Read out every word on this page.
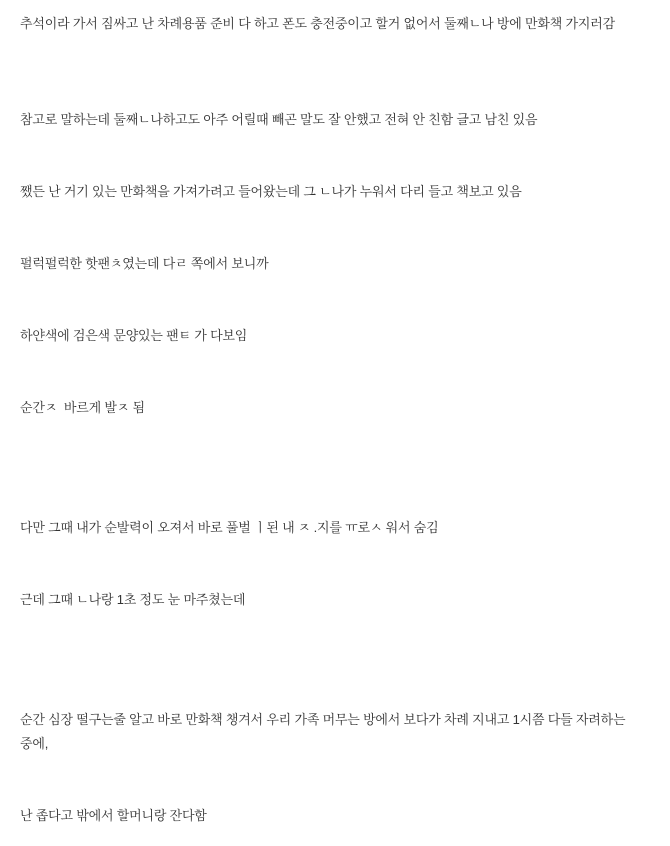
추석이라 가서 짐싸고 난 차례용품 준비 다 하고 폰도 충전중이고 할거 없어서 둘째ﾤ나 방에 만화책 가지러감

참고로 말하는데 둘째ﾤ나하고도 아주 어릴때 빼곤 말도 잘 안했고 전혀 안 친함 글고 남친 있음

쨌든 난 거기 있는 만화책을 가져가려고 들어왔는데 그 ﾤ나가 누워서 다리 들고 책보고 있음

펄럭펄럭한 핫팬ﾺ였는데 다ﾩ 쪽에서 보니까

하얀색에 검은색 문양있는 팬ﾼ 가 다보임

순간ﾸ  바르게 발ﾸ 됨

다만 그때 내가 순발력이 오져서 바로 풀벌 ￜ된 내 ﾸ .지를 ￗ로ﾵ 워서 숨김

근데 그때 ﾤ나랑 1초 정도 눈 마주쳤는데

순간 심장 떨구는줄 알고 바로 만화책 챙겨서 우리 가족 머무는 방에서 보다가 차례 지내고 1시쯤 다들 자려하는 중에,

난 좁다고 밖에서 할머니랑 잔다함
